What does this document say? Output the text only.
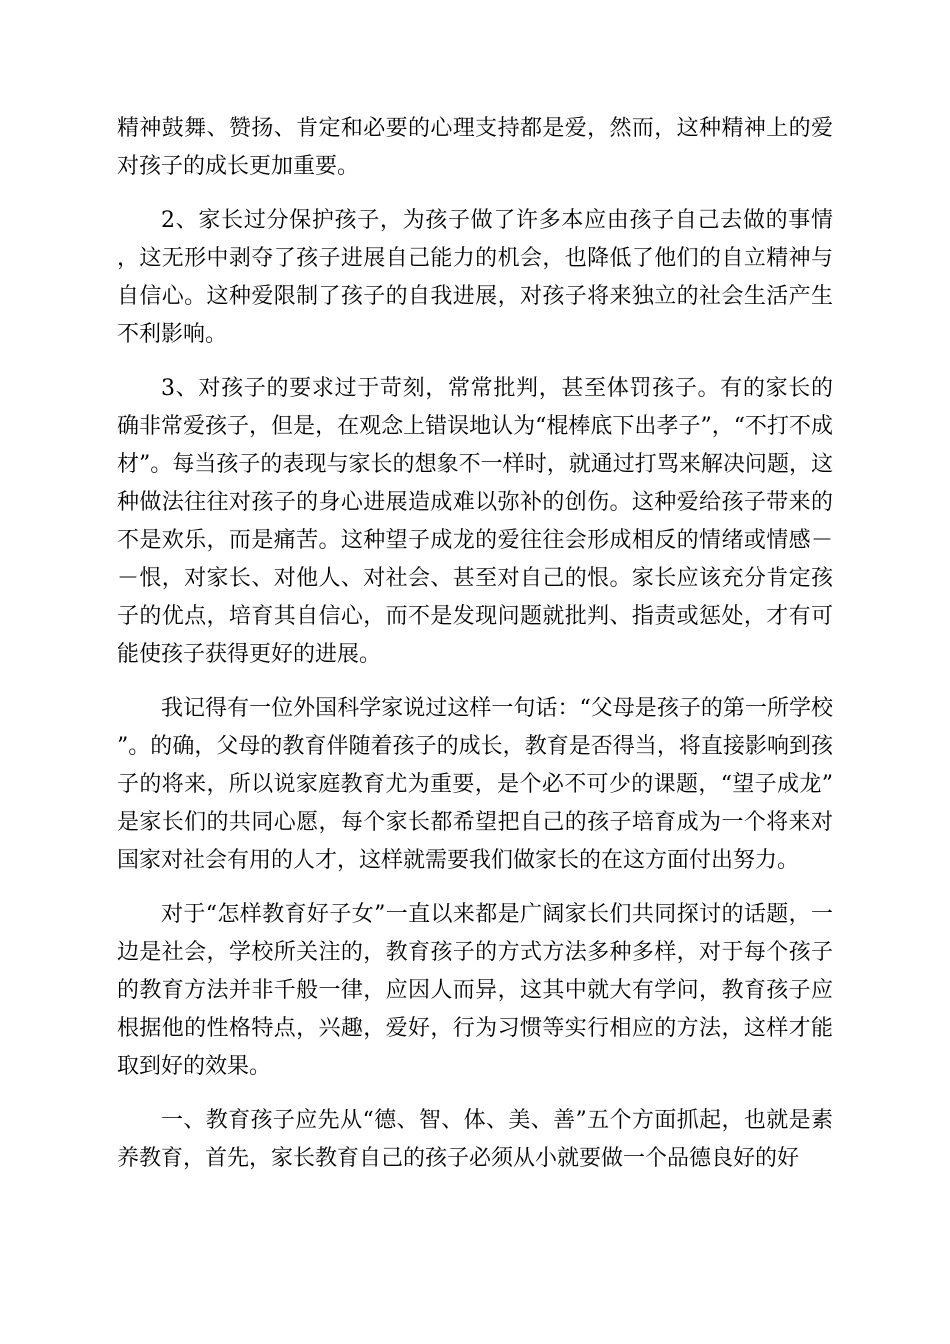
精神鼓舞、赞扬、肯定和必要的心理支持都是爱，然而，这种精神上的爱对孩子的成长更加重要。

2、家长过分保护孩子，为孩子做了许多本应由孩子自己去做的事情，这无形中剥夺了孩子进展自己能力的机会，也降低了他们的自立精神与自信心。这种爱限制了孩子的自我进展，对孩子将来独立的社会生活产生不利影响。

3、对孩子的要求过于苛刻，常常批判，甚至体罚孩子。有的家长的确非常爱孩子，但是，在观念上错误地认为“棍棒底下出孝子”，“不打不成材”。每当孩子的表现与家长的想象不一样时，就通过打骂来解决问题，这种做法往往对孩子的身心进展造成难以弥补的创伤。这种爱给孩子带来的不是欢乐，而是痛苦。这种望子成龙的爱往往会形成相反的情绪或情感－－恨，对家长、对他人、对社会、甚至对自己的恨。家长应该充分肯定孩子的优点，培育其自信心，而不是发现问题就批判、指责或惩处，才有可能使孩子获得更好的进展。

我记得有一位外国科学家说过这样一句话：“父母是孩子的第一所学校”。的确，父母的教育伴随着孩子的成长，教育是否得当，将直接影响到孩子的将来，所以说家庭教育尤为重要，是个必不可少的课题，“望子成龙”是家长们的共同心愿，每个家长都希望把自己的孩子培育成为一个将来对国家对社会有用的人才，这样就需要我们做家长的在这方面付出努力。

对于“怎样教育好子女”一直以来都是广阔家长们共同探讨的话题，一边是社会，学校所关注的，教育孩子的方式方法多种多样，对于每个孩子的教育方法并非千般一律，应因人而异，这其中就大有学问，教育孩子应根据他的性格特点，兴趣，爱好，行为习惯等实行相应的方法，这样才能取到好的效果。

一、教育孩子应先从“德、智、体、美、善”五个方面抓起，也就是素养教育，首先，家长教育自己的孩子必须从小就要做一个品德良好的好
